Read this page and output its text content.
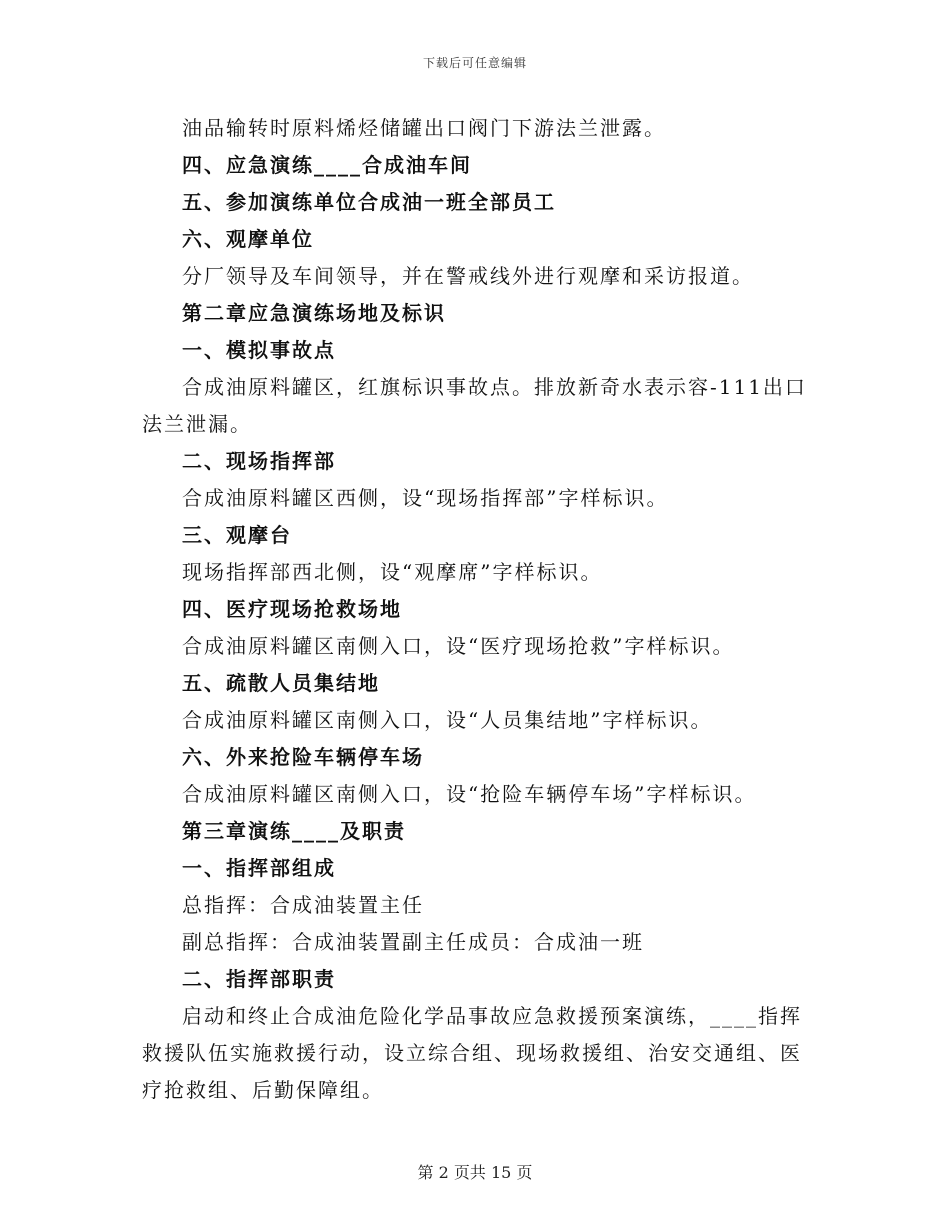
下载后可任意编辑

油品输转时原料烯烃储罐出口阀门下游法兰泄露。

四、应急演练____合成油车间

五、参加演练单位合成油一班全部员工

六、观摩单位

分厂领导及车间领导，并在警戒线外进行观摩和采访报道。

第二章应急演练场地及标识

一、模拟事故点

合成油原料罐区，红旗标识事故点。排放新奇水表示容-111出口法兰泄漏。

二、现场指挥部

合成油原料罐区西侧，设“现场指挥部”字样标识。

三、观摩台

现场指挥部西北侧，设“观摩席”字样标识。

四、医疗现场抢救场地

合成油原料罐区南侧入口，设“医疗现场抢救”字样标识。

五、疏散人员集结地

合成油原料罐区南侧入口，设“人员集结地”字样标识。

六、外来抢险车辆停车场

合成油原料罐区南侧入口，设“抢险车辆停车场”字样标识。

第三章演练____及职责

一、指挥部组成

总指挥：合成油装置主任

副总指挥：合成油装置副主任成员：合成油一班

二、指挥部职责

启动和终止合成油危险化学品事故应急救援预案演练，____指挥救援队伍实施救援行动，设立综合组、现场救援组、治安交通组、医疗抢救组、后勤保障组。

第 2 页共 15 页
